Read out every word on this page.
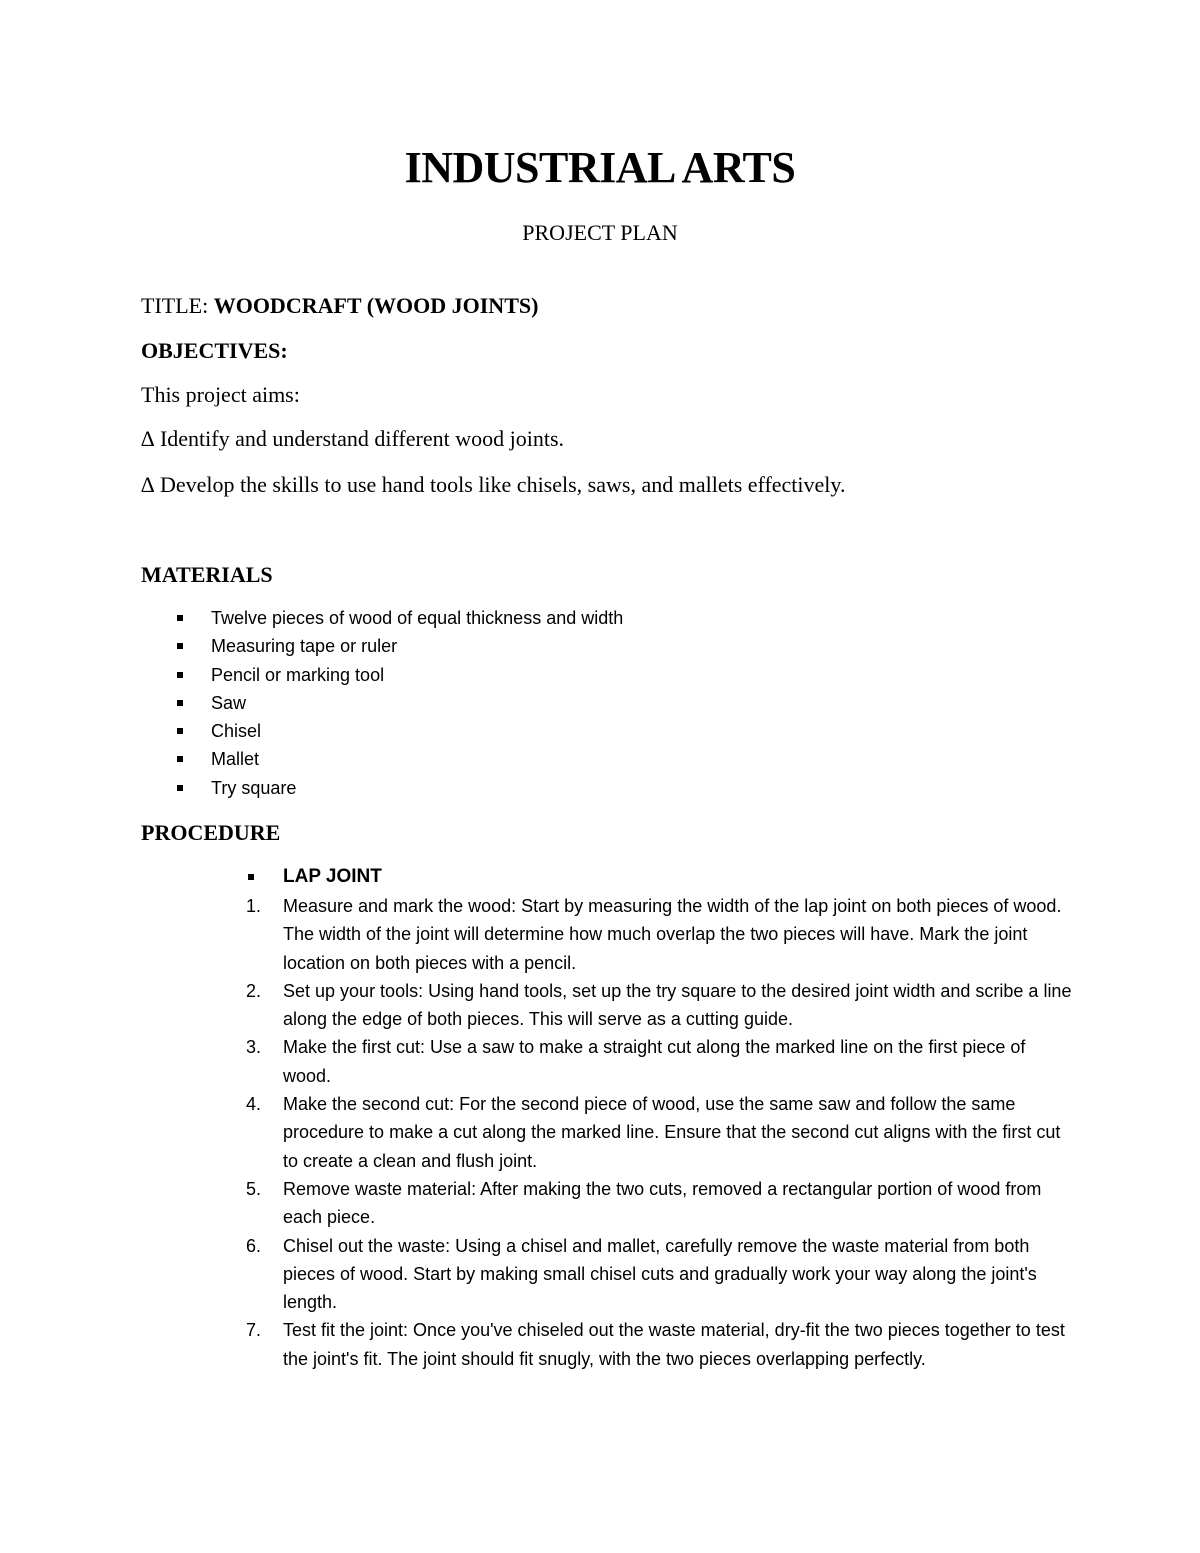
INDUSTRIAL ARTS
PROJECT PLAN
TITLE: WOODCRAFT (WOOD JOINTS)
OBJECTIVES:
This project aims:
∆ Identify and understand different wood joints.
∆ Develop the skills to use hand tools like chisels, saws, and mallets effectively.
MATERIALS
Twelve pieces of wood of equal thickness and width
Measuring tape or ruler
Pencil or marking tool
Saw
Chisel
Mallet
Try square
PROCEDURE
LAP JOINT
1. Measure and mark the wood: Start by measuring the width of the lap joint on both pieces of wood. The width of the joint will determine how much overlap the two pieces will have. Mark the joint location on both pieces with a pencil.
2. Set up your tools: Using hand tools, set up the try square to the desired joint width and scribe a line along the edge of both pieces. This will serve as a cutting guide.
3. Make the first cut: Use a saw to make a straight cut along the marked line on the first piece of wood.
4. Make the second cut: For the second piece of wood, use the same saw and follow the same procedure to make a cut along the marked line. Ensure that the second cut aligns with the first cut to create a clean and flush joint.
5. Remove waste material: After making the two cuts, removed a rectangular portion of wood from each piece.
6. Chisel out the waste: Using a chisel and mallet, carefully remove the waste material from both pieces of wood. Start by making small chisel cuts and gradually work your way along the joint's length.
7. Test fit the joint: Once you've chiseled out the waste material, dry-fit the two pieces together to test the joint's fit. The joint should fit snugly, with the two pieces overlapping perfectly.
